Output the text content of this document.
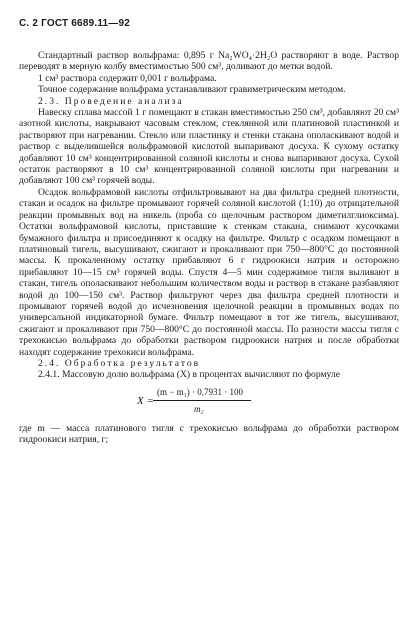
С. 2 ГОСТ 6689.11—92

Стандартный раствор вольфрама: 0,895 г Na₂WO₄·2H₂O растворяют в воде. Раствор переводят в мерную колбу вместимостью 500 см³, доливают до метки водой.

1 см³ раствора содержит 0,001 г вольфрама.

Точное содержание вольфрама устанавливают гравиметрическим методом.

2.3. Проведение анализа

Навеску сплава массой 1 г помещают в стакан вместимостью 250 см³, добавляют 20 см³ азотной кислоты, накрывают часовым стеклом, стеклянной или платиновой пластинкой и растворяют при нагревании. Стекло или пластинку и стенки стакана ополаскивают водой и раствор с выделившейся вольфрамовой кислотой выпаривают досуха. К сухому остатку добавляют 10 см³ концентрированной соляной кислоты и снова выпаривают досуха. Сухой остаток растворяют в 10 см³ концентрированной соляной кислоты при нагревании и добавляют 100 см³ горячей воды.

Осадок вольфрамовой кислоты отфильтровывают на два фильтра средней плотности, стакан и осадок на фильтре промывают горячей соляной кислотой (1:10) до отрицательной реакции промывных вод на никель (проба со щелочным раствором диметилглиоксима). Остатки вольфрамовой кислоты, приставшие к стенкам стакана, снимают кусочками бумажного фильтра и присоединяют к осадку на фильтре. Фильтр с осадком помещают в платиновый тигель, высушивают, сжигают и прокаливают при 750—800°С до постоянной массы. К прокаленному остатку прибавляют 6 г гидроокиси натрия и осторожно прибавляют 10—15 см³ горячей воды. Спустя 4—5 мин содержимое тигля выливают в стакан, тигель ополаскивают небольшим количеством воды и раствор в стакане разбавляют водой до 100—150 см³. Раствор фильтруют через два фильтра средней плотности и промывают горячей водой до исчезновения щелочной реакции в промывных водах по универсальной индикаторной бумаге. Фильтр помещают в тот же тигель, высушивают, сжигают и прокаливают при 750—800°С до постоянной массы. По разности массы тигля с трехокисью вольфрама до обработки раствором гидроокиси натрия и после обработки находят содержание трехокиси вольфрама.

2.4. Обработка результатов

2.4.1. Массовую долю вольфрама (X) в процентах вычисляют по формуле

X =
(m − m₁) · 0,7931 · 100
m₂

где m — масса платинового тигля с трехокисью вольфрама до обработки раствором гидроокиси натрия, г;
